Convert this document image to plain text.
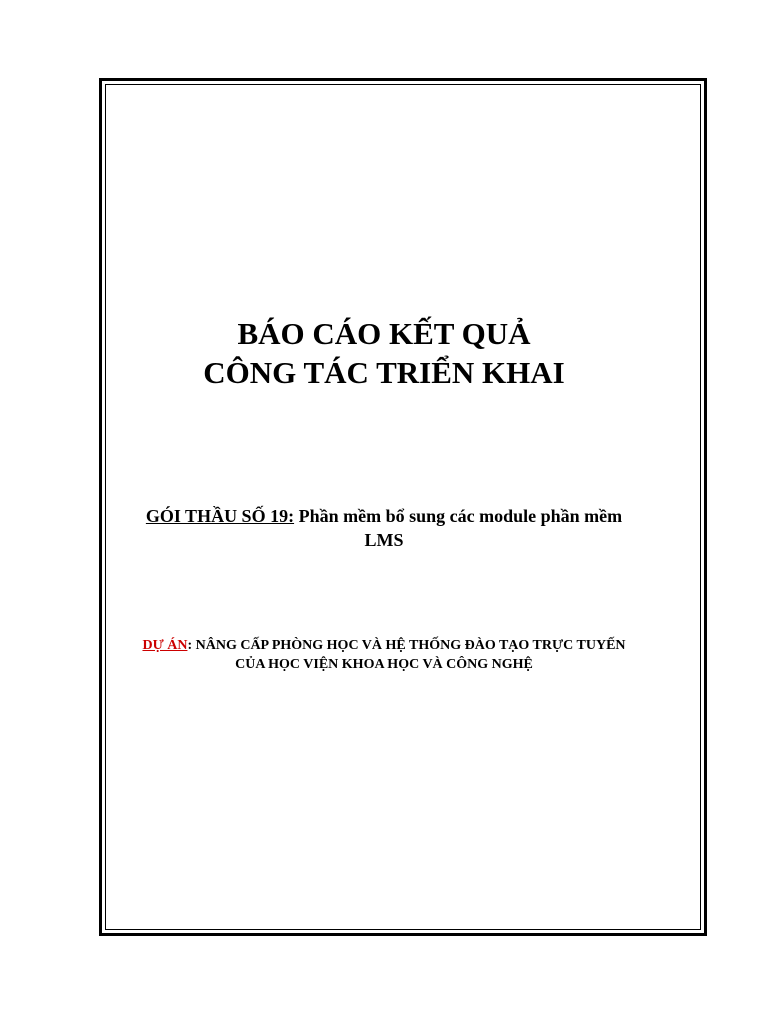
BÁO CÁO KẾT QUẢ
CÔNG TÁC TRIỂN KHAI
GÓI THẦU SỐ 19: Phần mềm bổ sung các module phần mềm
LMS
DỰ ÁN: NÂNG CẤP PHÒNG HỌC VÀ HỆ THỐNG ĐÀO TẠO TRỰC TUYẾN
CỦA HỌC VIỆN KHOA HỌC VÀ CÔNG NGHỆ
